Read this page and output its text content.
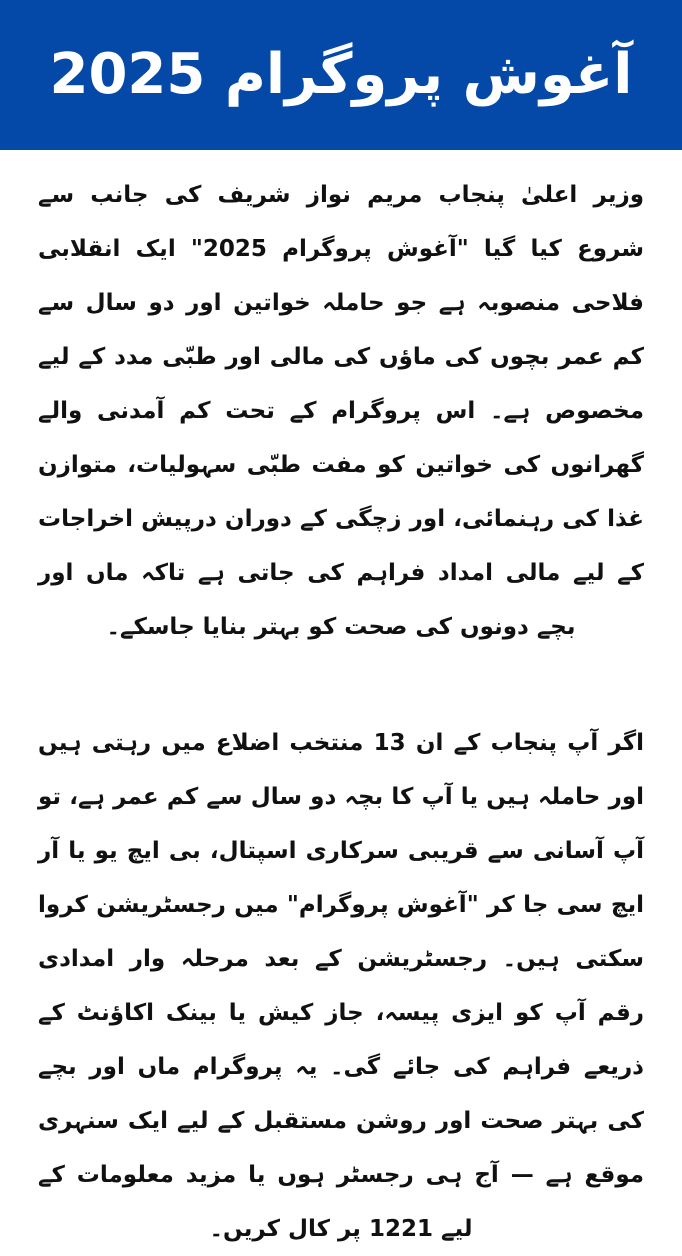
آغوش پروگرام 2025

وزیر اعلیٰ پنجاب مریم نواز شریف کی جانب سے شروع کیا گیا "آغوش پروگرام 2025" ایک انقلابی فلاحی منصوبہ ہے جو حاملہ خواتین اور دو سال سے کم عمر بچوں کی ماؤں کی مالی اور طبّی مدد کے لیے مخصوص ہے۔ اس پروگرام کے تحت کم آمدنی والے گھرانوں کی خواتین کو مفت طبّی سہولیات، متوازن غذا کی رہنمائی، اور زچگی کے دوران درپیش اخراجات کے لیے مالی امداد فراہم کی جاتی ہے تاکہ ماں اور بچے دونوں کی صحت کو بہتر بنایا جاسکے۔

اگر آپ پنجاب کے ان 13 منتخب اضلاع میں رہتی ہیں اور حاملہ ہیں یا آپ کا بچہ دو سال سے کم عمر ہے، تو آپ آسانی سے قریبی سرکاری اسپتال، بی ایچ یو یا آر ایچ سی جا کر "آغوش پروگرام" میں رجسٹریشن کروا سکتی ہیں۔ رجسٹریشن کے بعد مرحلہ وار امدادی رقم آپ کو ایزی پیسہ، جاز کیش یا بینک اکاؤنٹ کے ذریعے فراہم کی جائے گی۔ یہ پروگرام ماں اور بچے کی بہتر صحت اور روشن مستقبل کے لیے ایک سنہری موقع ہے — آج ہی رجسٹر ہوں یا مزید معلومات کے لیے 1221 پر کال کریں۔
